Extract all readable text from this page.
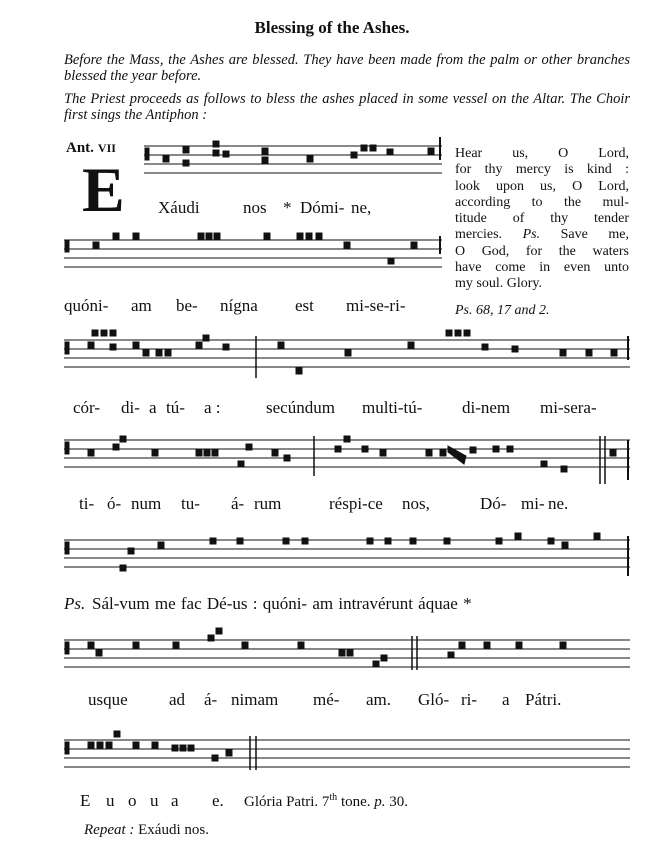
Blessing of the Ashes.
Before the Mass, the Ashes are blessed. They have been made from the palm or other branches blessed the year before.
The Priest proceeds as follows to bless the ashes placed in some vessel on the Altar. The Choir first sings the Antiphon :
Ant. VII
E
Hear us, O Lord,
for thy mercy is kind :
look upon us, O Lord,
according to the mul-
titude of thy tender
mercies. Ps. Save me,
O God, for the waters
have come in even unto
my soul. Glory.
Ps. 68, 17 and 2.
Xáudi	nos * Dómi- ne,
quóni- am be- nígna est mi-se-ri-
cór- di- a tú- a :	secúndum multi-tú- di-nem mi-sera-
ti- ó- num tu- á- rum	réspi-ce nos,	Dó- mi- ne.
Ps. Sál-vum me fac Dé-us : quóni- am intravérunt áquae *
usque ad á- nimam mé- am. Gló- ri- a Pátri.
E u o u a e. Glória Patri. 7th tone. p. 30.
Repeat : Exáudi nos.
